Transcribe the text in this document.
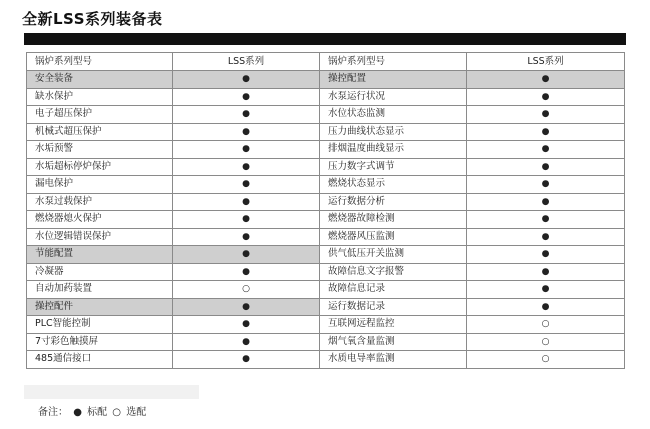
全新LSS系列装备表
锅炉系列型号	LSS系列	锅炉系列型号	LSS系列
安全装备	●	操控配置	●
缺水保护	●	水泵运行状况	●
电子超压保护	●	水位状态监测	●
机械式超压保护	●	压力曲线状态显示	●
水垢预警	●	排烟温度曲线显示	●
水垢超标停炉保护	●	压力数字式调节	●
漏电保护	●	燃烧状态显示	●
水泵过载保护	●	运行数据分析	●
燃烧器熄火保护	●	燃烧器故障检测	●
水位逻辑错误保护	●	燃烧器风压监测	●
节能配置	●	供气低压开关监测	●
冷凝器	●	故障信息文字报警	●
自动加药装置	○	故障信息记录	●
操控配件	●	运行数据记录	●
PLC智能控制	●	互联网远程监控	○
7寸彩色触摸屏	●	烟气氧含量监测	○
485通信接口	●	水质电导率监测	○
备注： ● 标配 ○ 选配
